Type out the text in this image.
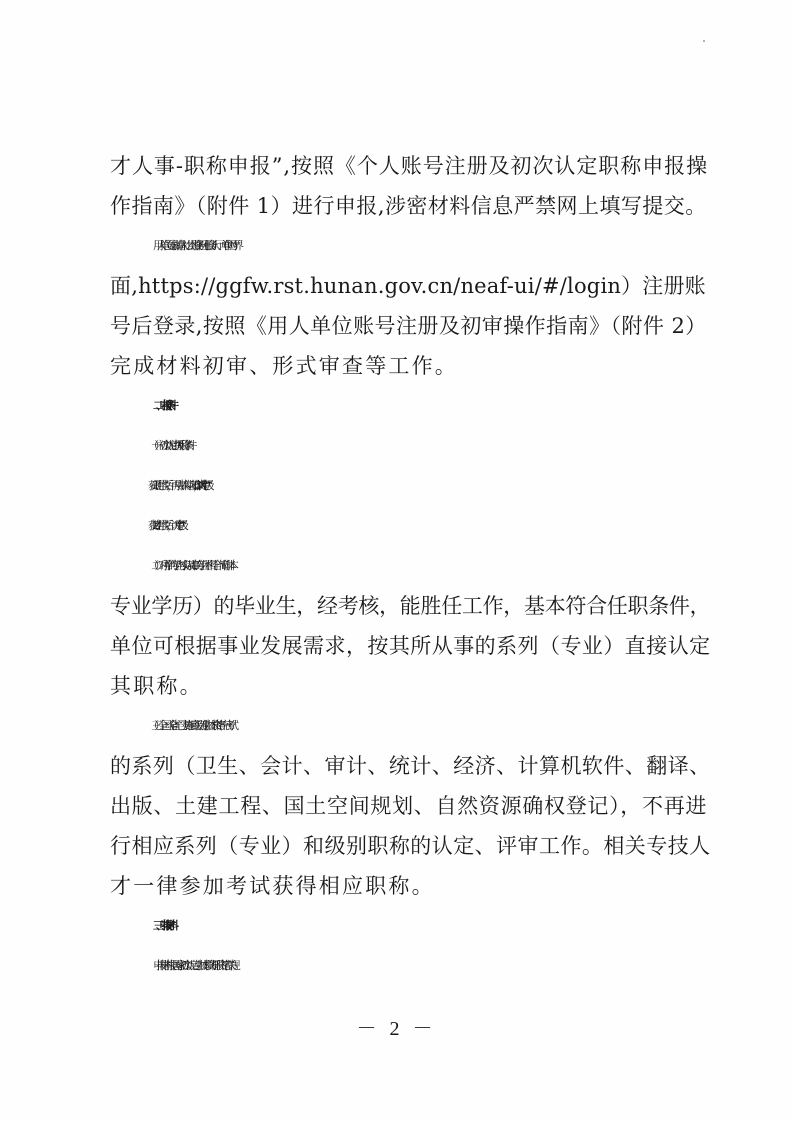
才人事-职称申报”,按照《个人账号注册及初次认定职称申报操
作指南》（附件 1）进行申报,涉密材料信息严禁网上填写提交。
用人单位登录湖南人社公共服务网上服务大厅（单位网厅界
面,https://ggfw.rst.hunan.gov.cn/neaf-ui/#/login）注册账
号后登录,按照《用人单位账号注册及初审操作指南》（附件 2）
完成材料初审、形式审查等工作。
二、申报条件
（一）初次认定中级职称条件
1.获硕士学位后，再从事本专业工作满 3 年，认定“中级”。
2.获博士学位后，认定“中级”。
（二）对所学的专业与实际从事的专业不相符合（简称非本
专业学历）的毕业生，经考核，能胜任工作，基本符合任职条件，
单位可根据事业发展需求，按其所从事的系列（专业）直接认定
其职称。
（三）全国（全省）已实施相应级别专业技术资格统一考试
的系列（卫生、会计、审计、统计、经济、计算机软件、翻译、
出版、土建工程、国土空间规划、自然资源确权登记），不再进
行相应系列（专业）和级别职称的认定、评审工作。相关专技人
才一律参加考试获得相应职称。
三、申报材料
申报材料根据国家初次认定专业技术职务任职资格有关规
－ 2 －
